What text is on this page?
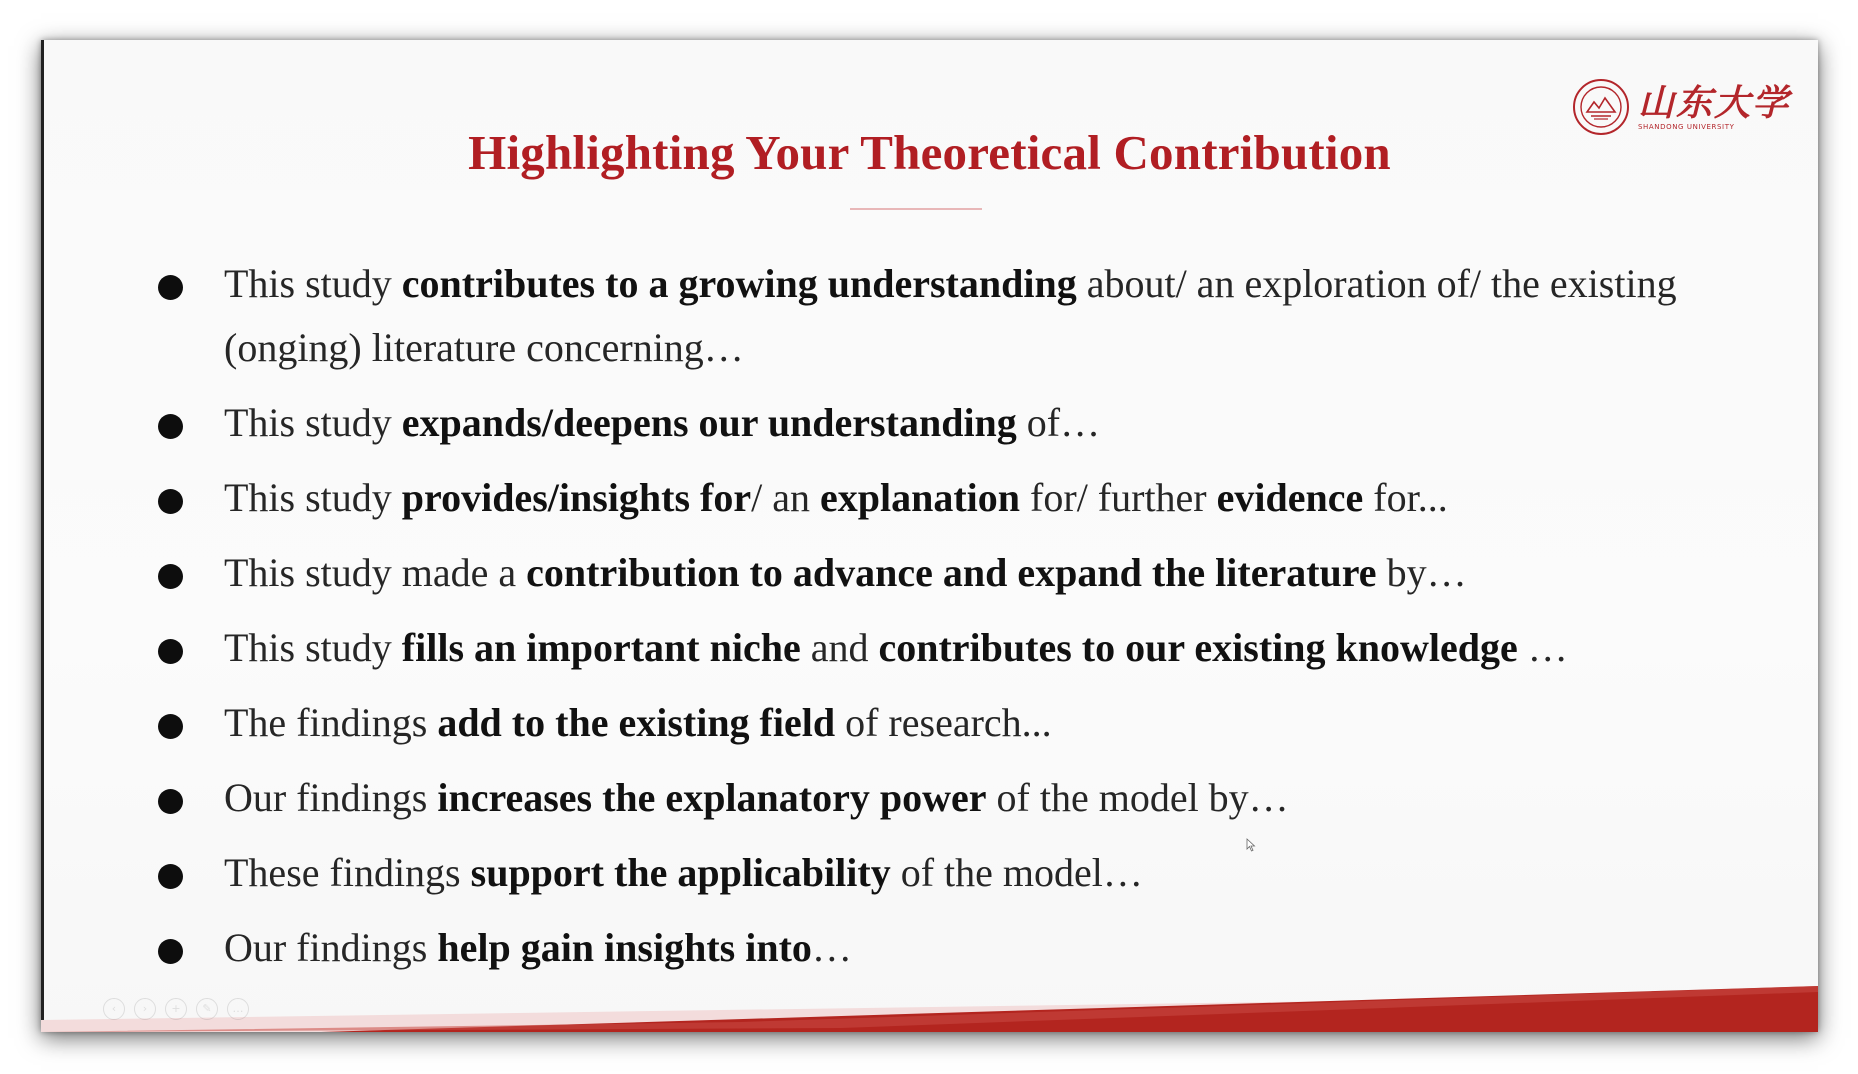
山东大学
SHANDONG UNIVERSITY
Highlighting Your Theoretical Contribution
This study contributes to a growing understanding about/ an exploration of/ the existing (onging) literature concerning…
This study expands/deepens our understanding of…
This study provides/insights for/ an explanation for/ further evidence for...
This study made a contribution to advance and expand the literature by…
This study fills an important niche and contributes to our existing knowledge …
The findings add to the existing field of research...
Our findings increases the explanatory power of the model by…
These findings support the applicability of the model…
Our findings help gain insights into…
‹	›	+	✎	…
